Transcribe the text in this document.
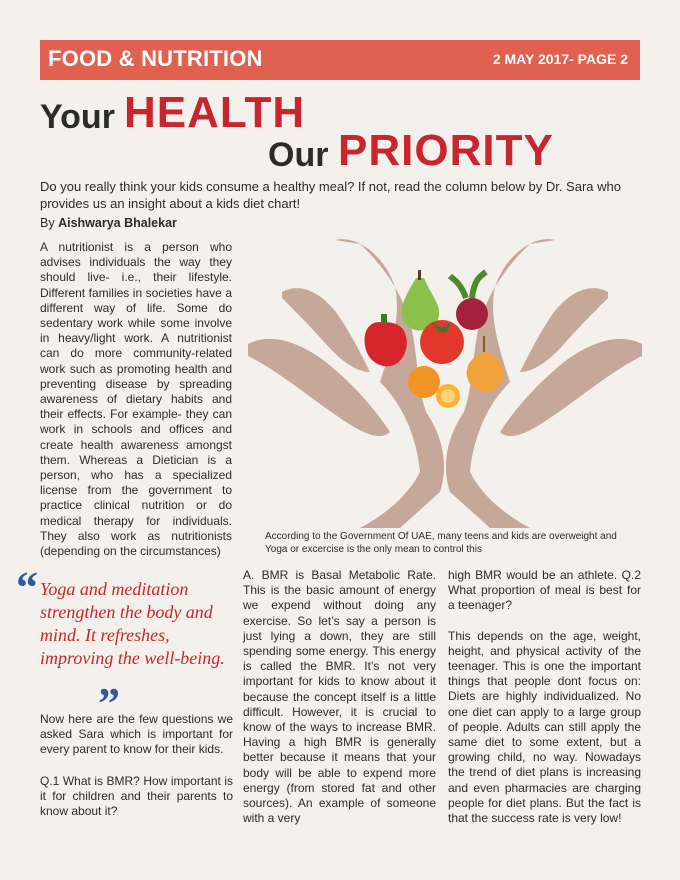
FOOD & NUTRITION	2 MAY 2017- PAGE 2
Your HEALTH
Our PRIORITY
Do you really think your kids consume a healthy meal? If not, read the column below by Dr. Sara who provides us an insight about a kids diet chart!
By Aishwarya Bhalekar
A nutritionist is a person who advises individuals the way they should live- i.e., their lifestyle. Different families in societies have a different way of life. Some do sedentary work while some involve in heavy/light work. A nutritionist can do more community-related work such as promoting health and preventing disease by spreading awareness of dietary habits and their effects. For example- they can work in schools and offices and create health awareness amongst them. Whereas a Dietician is a person, who has a specialized license from the government to practice clinical nutrition or do medical therapy for individuals. They also work as nutritionists (depending on the circumstances)
According to the Government Of UAE, many teens and kids are overweight and Yoga or excercise is the only mean to control this
“ Yoga and meditation strengthen the body and mind. It refreshes, improving the well-being.
”
Now here are the few questions we asked Sara which is important for every parent to know for their kids.
Q.1 What is BMR? How important is it for children and their parents to know about it?
A. BMR is Basal Metabolic Rate. This is the basic amount of energy we expend without doing any exercise. So let’s say a person is just lying a down, they are still spending some energy. This energy is called the BMR. It’s not very important for kids to know about it because the concept itself is a little difficult. However, it is crucial to know of the ways to increase BMR. Having a high BMR is generally better because it means that your body will be able to expend more energy (from stored fat and other sources). An example of someone with a very
high BMR would be an athlete. Q.2 What proportion of meal is best for a teenager?
This depends on the age, weight, height, and physical activity of the teenager. This is one the important things that people dont focus on: Diets are highly individualized. No one diet can apply to a large group of people. Adults can still apply the same diet to some extent, but a growing child, no way. Nowadays the trend of diet plans is increasing and even pharmacies are charging people for diet plans. But the fact is that the success rate is very low!
